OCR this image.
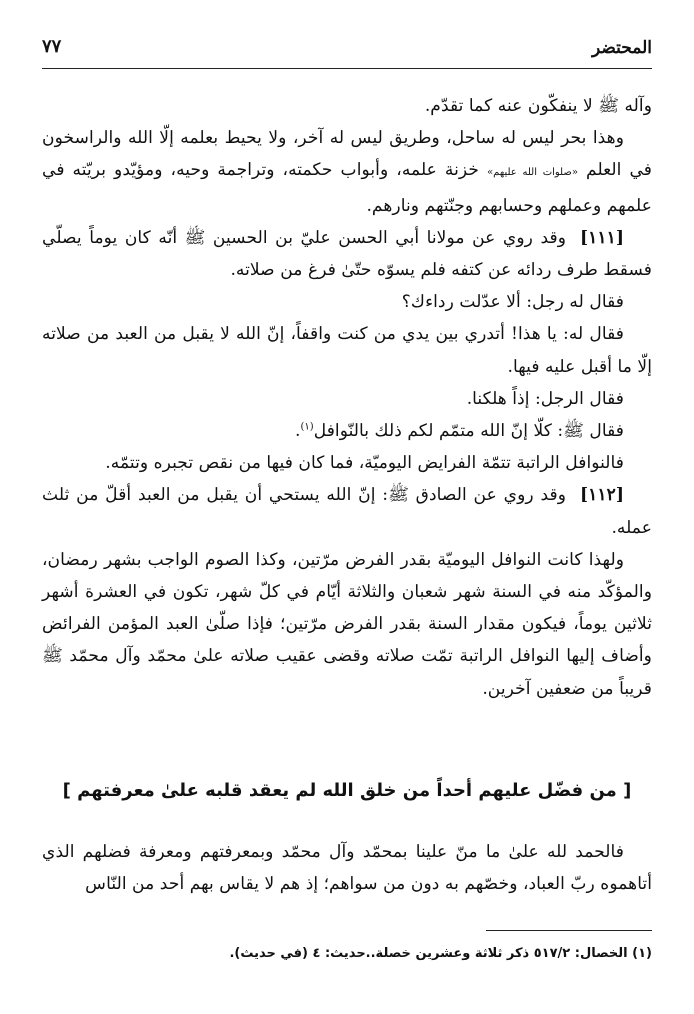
المحتضر
٧٧

وآله ﷺ لا ينفكّون عنه كما تقدّم.

وهذا بحر ليس له ساحل، وطريق ليس له آخر، ولا يحيط بعلمه إلّا الله والراسخون في العلم «صلوات الله عليهم» خزنة علمه، وأبواب حكمته، وتراجمة وحيه، ومؤيّدو بريّته في علمهم وعملهم وحسابهم وجنّتهم ونارهم.

[١١١]وقد روي عن مولانا أبي الحسن عليّ بن الحسين ﷺ أنّه كان يوماً يصلّي فسقط طرف ردائه عن كتفه فلم يسوّه حتّىٰ فرغ من صلاته.

فقال له رجل: ألا عدّلت رداءك؟

فقال له: يا هذا! أتدري بين يدي من كنت واقفاً، إنّ الله لا يقبل من العبد من صلاته إلّا ما أقبل عليه فيها.

فقال الرجل: إذاً هلكنا.

فقال ﷺ: كلّا إنّ الله متمّم لكم ذلك بالنّوافل$^{(١)}$.

فالنوافل الراتبة تتمّة الفرايض اليوميّة، فما كان فيها من نقص تجبره وتتمّه.

[١١٢]وقد روي عن الصادق ﷺ: إنّ الله يستحي أن يقبل من العبد أقلّ من ثلث عمله.

ولهذا كانت النوافل اليوميّة بقدر الفرض مرّتين، وكذا الصوم الواجب بشهر رمضان، والمؤكّد منه في السنة شهر شعبان والثلاثة أيّام في كلّ شهر، تكون في العشرة أشهر ثلاثين يوماً، فيكون مقدار السنة بقدر الفرض مرّتين؛ فإذا صلّىٰ العبد المؤمن الفرائض وأضاف إليها النوافل الراتبة تمّت صلاته وقضى عقيب صلاته علىٰ محمّد وآل محمّد ﷺ قريباً من ضعفين آخرين.

[ من فضّل عليهم أحداً من خلق الله لم يعقد قلبه علىٰ معرفتهم ]

فالحمد لله علىٰ ما منّ علينا بمحمّد وآل محمّد وبمعرفتهم ومعرفة فضلهم الذي أتاهموه ربّ العباد، وخصّهم به دون من سواهم؛ إذ هم لا يقاس بهم أحد من النّاس

(١) الخصال: ٥١٧/٢ ذكر ثلاثة وعشرين خصلة..حديث: ٤ (في حديث).
